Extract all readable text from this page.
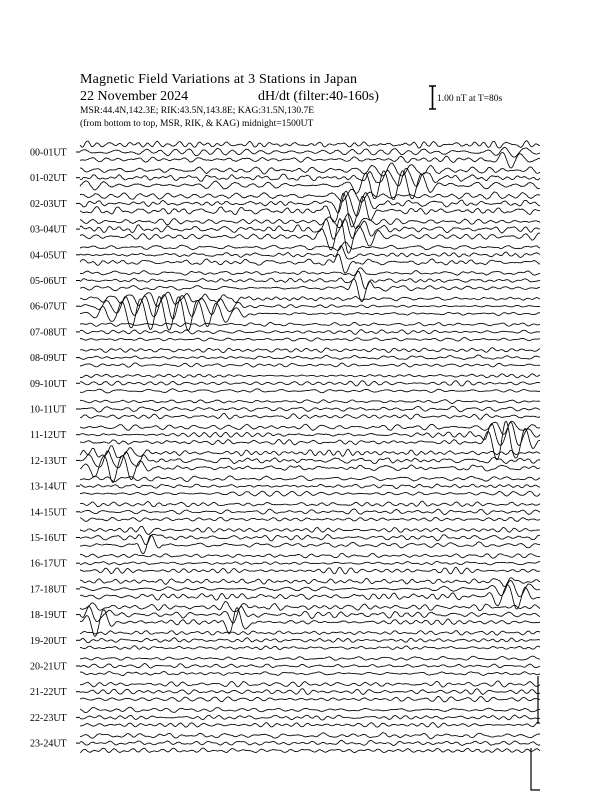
Magnetic Field Variations at 3 Stations in Japan
22 November 2024	dH/dt (filter:40-160s)
MSR:44.4N,142.3E; RIK:43.5N,143.8E; KAG:31.5N,130.7E
(from bottom to top, MSR, RIK, & KAG) midnight=1500UT
1.00 nT at T=80s
00-01UT
01-02UT
02-03UT
03-04UT
04-05UT
05-06UT
06-07UT
07-08UT
08-09UT
09-10UT
10-11UT
11-12UT
12-13UT
13-14UT
14-15UT
15-16UT
16-17UT
17-18UT
18-19UT
19-20UT
20-21UT
21-22UT
22-23UT
23-24UT
